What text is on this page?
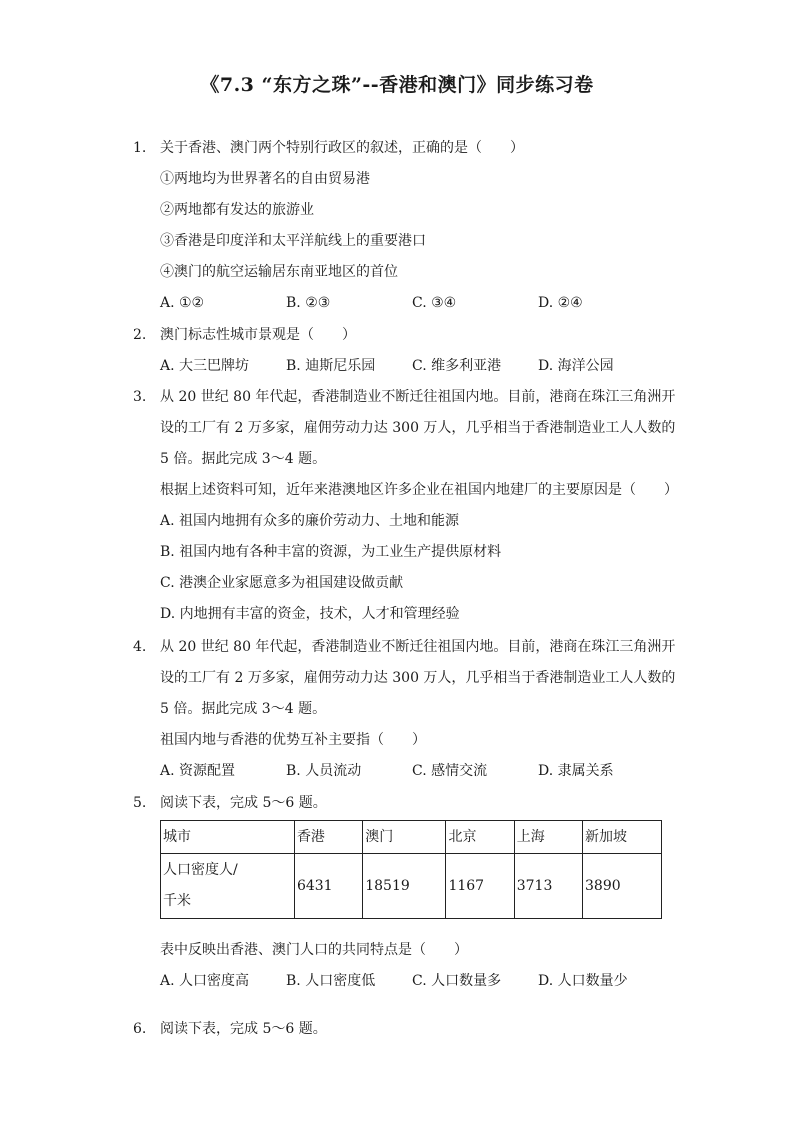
《7.3 “东方之珠”--香港和澳门》同步练习卷
1. 关于香港、澳门两个特别行政区的叙述，正确的是（　　）
①两地均为世界著名的自由贸易港
②两地都有发达的旅游业
③香港是印度洋和太平洋航线上的重要港口
④澳门的航空运输居东南亚地区的首位
A. ①②	B. ②③	C. ③④	D. ②④
2. 澳门标志性城市景观是（　　）
A. 大三巴牌坊	B. 迪斯尼乐园	C. 维多利亚港	D. 海洋公园
3. 从 20 世纪 80 年代起，香港制造业不断迁往祖国内地。目前，港商在珠江三角洲开
设的工厂有 2 万多家，雇佣劳动力达 300 万人，几乎相当于香港制造业工人人数的
5 倍。据此完成 3～4 题。
根据上述资料可知，近年来港澳地区许多企业在祖国内地建厂的主要原因是（　　）
A. 祖国内地拥有众多的廉价劳动力、土地和能源
B. 祖国内地有各种丰富的资源，为工业生产提供原材料
C. 港澳企业家愿意多为祖国建设做贡献
D. 内地拥有丰富的资金，技术，人才和管理经验
4. 从 20 世纪 80 年代起，香港制造业不断迁往祖国内地。目前，港商在珠江三角洲开
设的工厂有 2 万多家，雇佣劳动力达 300 万人，几乎相当于香港制造业工人人数的
5 倍。据此完成 3～4 题。
祖国内地与香港的优势互补主要指（　　）
A. 资源配置	B. 人员流动	C. 感情交流	D. 隶属关系
5. 阅读下表，完成 5～6 题。
城市	香港	澳门	北京	上海	新加坡

人口密度人/
千米	6431	18519	1167	3713	3890
表中反映出香港、澳门人口的共同特点是（　　）
A. 人口密度高	B. 人口密度低	C. 人口数量多	D. 人口数量少
6. 阅读下表，完成 5～6 题。
